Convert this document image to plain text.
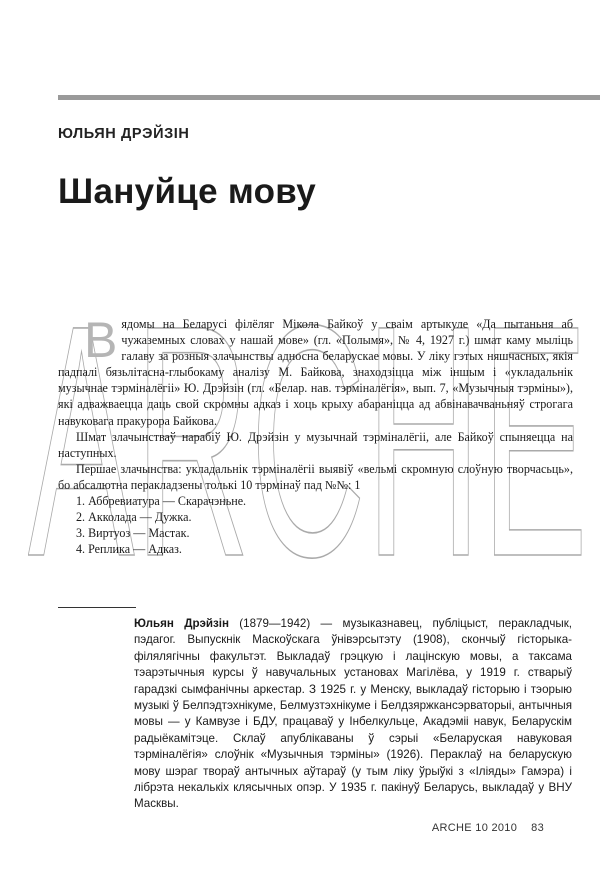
ЮЛЬЯН ДРЭЙЗІН
Шануйце мову
ARCHE

Вядомы на Беларусі філёляг Мікола Байкоў у сваім артыкуле «Да пытаньня аб чужаземных словах у нашай мове» (гл. «Полымя», № 4, 1927 г.) шмат каму мыліць галаву за розныя злачынствы адносна беларускае мовы. У ліку гэтых няшчасных, якія падпалі бязьлітасна-глыбокаму аналізу М. Байкова, знаходзіцца між іншым і «укладальнік музычнае тэрміналёгіі» Ю. Дрэйзін (гл. «Белар. нав. тэрміналёгія», вып. 7, «Музычныя тэрміны»), які адважваецца даць свой скромны адказ і хоць крыху абараніцца ад абвінавачваньняў строгага навуковага пракурора Байкова.

Шмат злачынстваў нарабіў Ю. Дрэйзін у музычнай тэрміналёгіі, але Байкоў спыняецца на наступных.

Першае злачынства: укладальнік тэрміналёгіі выявіў «вельмі скромную слоўную творчасьць», бо абсалютна перакладзены толькі 10 тэрмінаў пад №№: 1

1. Аббревиатура — Скарачэньне.
2. Акколада — Дужка.
3. Виртуоз — Мастак.
4. Реплика — Адказ.
Юльян Дрэйзін (1879—1942) — музыказнавец, публіцыст, перакладчык, пэдагог. Выпускнік Маскоўскага ўнівэрсытэту (1908), скончыў гісторыка-філялягічны факультэт. Выкладаў грэцкую і лацінскую мовы, а таксама тэарэтычныя курсы ў навучальных установах Магілёва, у 1919 г. стварыў гарадзкі сымфанічны аркестар. З 1925 г. у Менску, выкладаў гісторыю і тэорыю музыкі ў Белпэдтэхнікуме, Белмузтэхнікуме і Белдзяржкансэрваторыі, антычныя мовы — у Камвузе і БДУ, працаваў у Інбелкульце, Акадэміі навук, Беларускім радыёкамітэце. Склаў апублікаваны ў сэрыі «Беларуская навуковая тэрміналёгія» слоўнік «Музычныя тэрміны» (1926). Пераклаў на беларускую мову шэраг твораў антычных аўтараў (у тым ліку ўрыўкі з «Іліяды» Гамэра) і лібрэта некалькіх клясычных опэр. У 1935 г. пакінуў Беларусь, выкладаў у ВНУ Масквы.
ARCHE 10 2010 83
